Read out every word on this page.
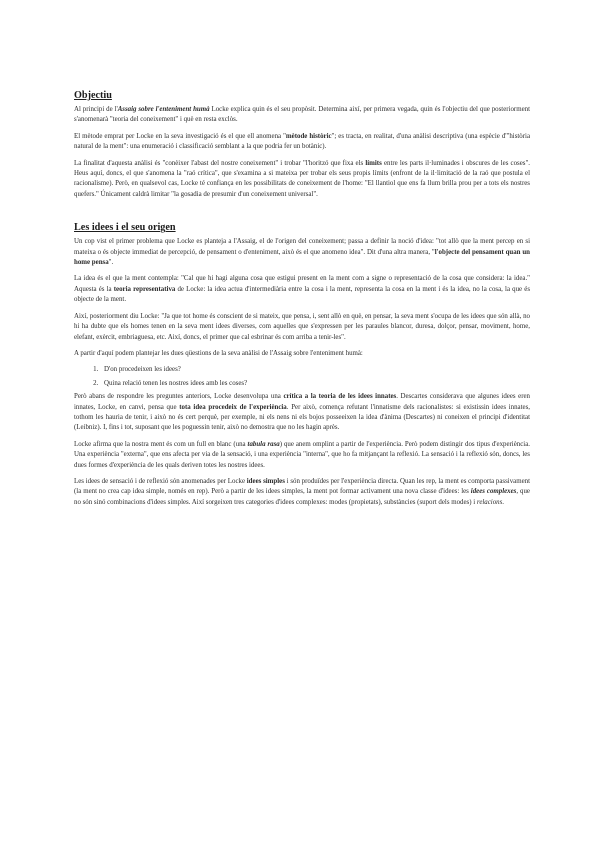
Objectiu

Al principi de l'Assaig sobre l'enteniment humà Locke explica quin és el seu propòsit. Determina així, per primera vegada, quin és l'objectiu del que posteriorment s'anomenarà "teoria del coneixement" i què en resta exclòs.

El mètode emprat per Locke en la seva investigació és el que ell anomena "mètode històric"; es tracta, en realitat, d'una anàlisi descriptiva (una espècie d'"història natural de la ment": una enumeració i classificació semblant a la que podria fer un botànic).

La finalitat d'aquesta anàlisi és "conèixer l'abast del nostre coneixement" i trobar "l'horitzó que fixa els límits entre les parts il·luminades i obscures de les coses". Heus aquí, doncs, el que s'anomena la "raó crítica", que s'examina a si mateixa per trobar els seus propis límits (enfront de la il·limitació de la raó que postula el racionalisme). Però, en qualsevol cas, Locke té confiança en les possibilitats de coneixement de l'home: "El llantiol que ens fa llum brilla prou per a tots els nostres quefers." Únicament caldrà limitar "la gosadia de presumir d'un coneixement universal".

Les idees i el seu origen

Un cop vist el primer problema que Locke es planteja a l'Assaig, el de l'origen del coneixement; passa a definir la noció d'idea: "tot allò que la ment percep en si mateixa o és objecte immediat de percepció, de pensament o d'enteniment, això és el que anomeno idea". Dit d'una altra manera, "l'objecte del pensament quan un home pensa".

La idea és el que la ment contempla: "Cal que hi hagi alguna cosa que estigui present en la ment com a signe o representació de la cosa que considera: la idea." Aquesta és la teoria representativa de Locke: la idea actua d'intermediària entre la cosa i la ment, representa la cosa en la ment i és la idea, no la cosa, la que és objecte de la ment.

Així, posteriorment diu Locke: "Ja que tot home és conscient de si mateix, que pensa, i, sent allò en què, en pensar, la seva ment s'ocupa de les idees que són allà, no hi ha dubte que els homes tenen en la seva ment idees diverses, com aquelles que s'expressen per les paraules blancor, duresa, dolçor, pensar, moviment, home, elefant, exèrcit, embriaguesa, etc. Així, doncs, el primer que cal esbrinar és com arriba a tenir-les".

A partir d'aquí podem plantejar les dues qüestions de la seva anàlisi de l'Assaig sobre l'enteniment humà:

1. D'on procedeixen les idees?
2. Quina relació tenen les nostres idees amb les coses?

Però abans de respondre les preguntes anteriors, Locke desenvolupa una crítica a la teoria de les idees innates. Descartes considerava que algunes idees eren innates, Locke, en canvi, pensa que tota idea procedeix de l'experiència. Per això, comença refutant l'innatisme dels racionalistes: si existissin idees innates, tothom les hauria de tenir, i això no és cert perquè, per exemple, ni els nens ni els bojos posseeixen la idea d'ànima (Descartes) ni coneixen el principi d'identitat (Leibniz). I, fins i tot, suposant que les poguessin tenir, això no demostra que no les hagin après.

Locke afirma que la nostra ment és com un full en blanc (una tabula rasa) que anem omplint a partir de l'experiència. Però podem distingir dos tipus d'experiència. Una experiència "externa", que ens afecta per via de la sensació, i una experiència "interna", que ho fa mitjançant la reflexió. La sensació i la reflexió són, doncs, les dues formes d'experiència de les quals deriven totes les nostres idees.

Les idees de sensació i de reflexió són anomenades per Locke idees simples i són produïdes per l'experiència directa. Quan les rep, la ment es comporta passivament (la ment no crea cap idea simple, només en rep). Però a partir de les idees simples, la ment pot formar activament una nova classe d'idees: les idees complexes, que no són sinó combinacions d'idees simples. Així sorgeixen tres categories d'idees complexes: modes (propietats), substàncies (suport dels modes) i relacions.
